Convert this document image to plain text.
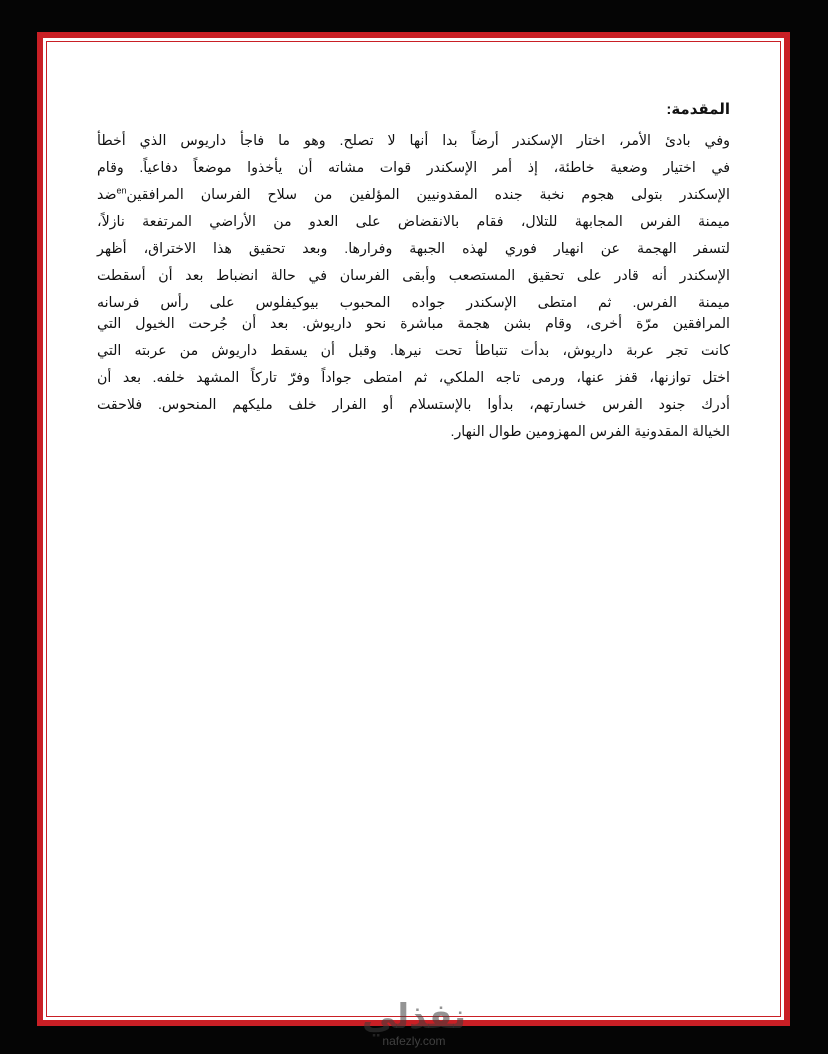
المقدمة:

وفي بادئ الأمر، اختار الإسكندر أرضاً بدا أنها لا تصلح. وهو ما فاجأ داريوس الذي أخطأ
في اختيار وضعية خاطئة، إذ أمر الإسكندر قوات مشاته أن يأخذوا موضعاً دفاعياً. وقام
الإسكندر بتولى هجوم نخبة جنده المقدونيين المؤلفين من سلاح الفرسان المرافقين$^{en}$ضد
ميمنة الفرس المجابهة للتلال، فقام بالانقضاض على العدو من الأراضي المرتفعة نازلاً،
لتسفر الهجمة عن انهيار فوري لهذه الجبهة وفرارها. وبعد تحقيق هذا الاختراق، أظهر
الإسكندر أنه قادر على تحقيق المستصعب وأبقى الفرسان في حالة انضباط بعد أن أسقطت
ميمنة الفرس. ثم امتطى الإسكندر جواده المحبوب بيوكيفلوس على رأس فرسانه
المرافقين مرّة أخرى، وقام بشن هجمة مباشرة نحو داريوش. بعد أن جُرحت الخيول التي
كانت تجر عربة داريوش، بدأت تتباطأ تحت نيرها. وقبل أن يسقط داريوش من عربته التي
اختل توازنها، قفز عنها، ورمى تاجه الملكي، ثم امتطى جواداً وفرّ تاركاً المشهد خلفه. بعد أن
أدرك جنود الفرس خسارتهم، بدأوا بالإستسلام أو الفرار خلف مليكهم المنحوس. فلاحقت
الخيالة المقدونية الفرس المهزومين طوال النهار.

نفذلي
nafezly.com
